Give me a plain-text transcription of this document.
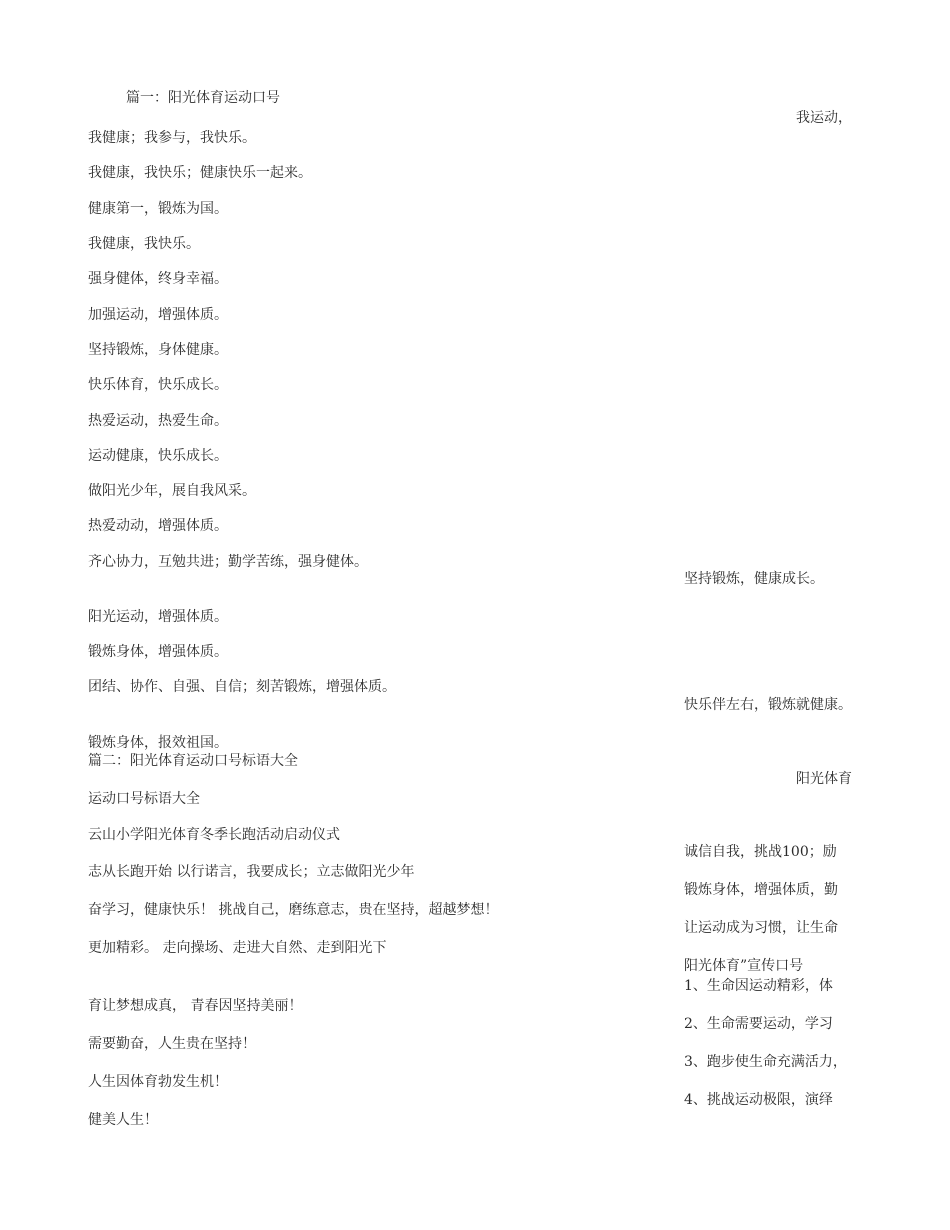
篇一：阳光体育运动口号
我健康；我参与，我快乐。
我健康，我快乐；健康快乐一起来。
健康第一，锻炼为国。
我健康，我快乐。
强身健体，终身幸福。
加强运动，增强体质。
坚持锻炼，身体健康。
快乐体育，快乐成长。
热爱运动，热爱生命。
运动健康，快乐成长。
做阳光少年，展自我风采。
热爱动动，增强体质。
齐心协力，互勉共进；勤学苦练，强身健体。
阳光运动，增强体质。
锻炼身体，增强体质。
团结、协作、自强、自信；刻苦锻炼，增强体质。
锻炼身体，报效祖国。
篇二：阳光体育运动口号标语大全
运动口号标语大全
云山小学阳光体育冬季长跑活动启动仪式
志从长跑开始 以行诺言，我要成长；立志做阳光少年
奋学习，健康快乐！ 挑战自己，磨练意志，贵在坚持，超越梦想！
更加精彩。 走向操场、走进大自然、走到阳光下
育让梦想成真， 青春因坚持美丽！
需要勤奋，人生贵在坚持！
人生因体育勃发生机！
健美人生！
我运动，
坚持锻炼，健康成长。
快乐伴左右，锻炼就健康。
阳光体育
诚信自我，挑战100；励
锻炼身体，增强体质，勤
让运动成为习惯，让生命
阳光体育”宣传口号
1、生命因运动精彩，体
2、生命需要运动，学习
3、跑步使生命充满活力，
4、挑战运动极限，演绎
